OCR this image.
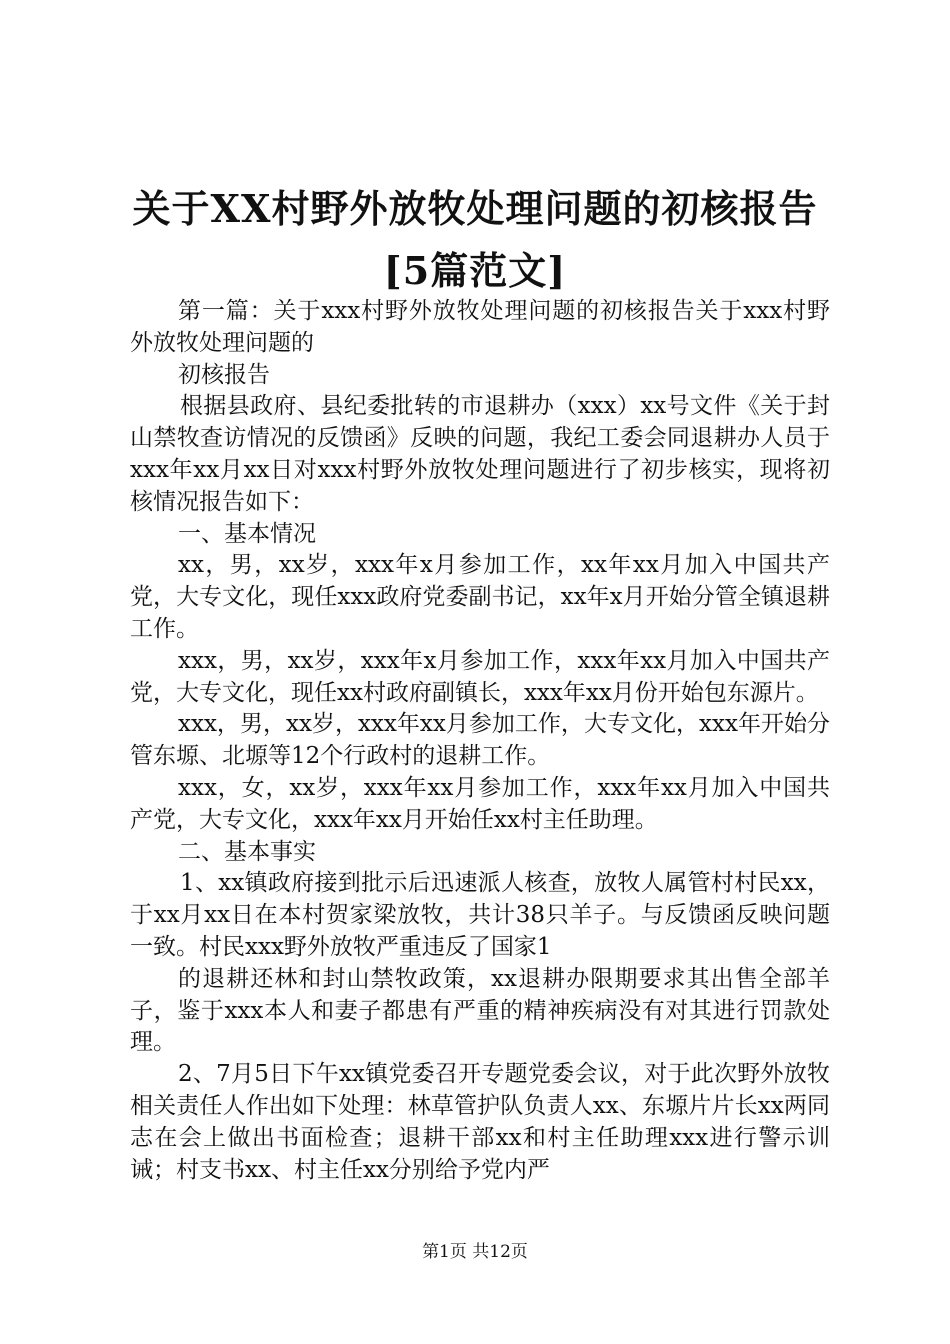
关于XX村野外放牧处理问题的初核报告[5篇范文]

第一篇：关于xxx村野外放牧处理问题的初核报告关于xxx村野外放牧处理问题的

初核报告

根据县政府、县纪委批转的市退耕办（xxx）xx号文件《关于封山禁牧查访情况的反馈函》反映的问题，我纪工委会同退耕办人员于xxx年xx月xx日对xxx村野外放牧处理问题进行了初步核实，现将初核情况报告如下：

一、基本情况

xx，男，xx岁，xxx年x月参加工作，xx年xx月加入中国共产党，大专文化，现任xxx政府党委副书记，xx年x月开始分管全镇退耕工作。

xxx，男，xx岁，xxx年x月参加工作，xxx年xx月加入中国共产党，大专文化，现任xx村政府副镇长，xxx年xx月份开始包东源片。

xxx，男，xx岁，xxx年xx月参加工作，大专文化，xxx年开始分管东塬、北塬等12个行政村的退耕工作。

xxx，女，xx岁，xxx年xx月参加工作，xxx年xx月加入中国共产党，大专文化，xxx年xx月开始任xx村主任助理。

二、基本事实

1、xx镇政府接到批示后迅速派人核查，放牧人属管村村民xx，于xx月xx日在本村贺家梁放牧，共计38只羊子。与反馈函反映问题一致。村民xxx野外放牧严重违反了国家1

的退耕还林和封山禁牧政策，xx退耕办限期要求其出售全部羊子，鉴于xxx本人和妻子都患有严重的精神疾病没有对其进行罚款处理。

2、7月5日下午xx镇党委召开专题党委会议，对于此次野外放牧相关责任人作出如下处理：林草管护队负责人xx、东塬片片长xx两同志在会上做出书面检查；退耕干部xx和村主任助理xxx进行警示训诫；村支书xx、村主任xx分别给予党内严

第1页 共12页
